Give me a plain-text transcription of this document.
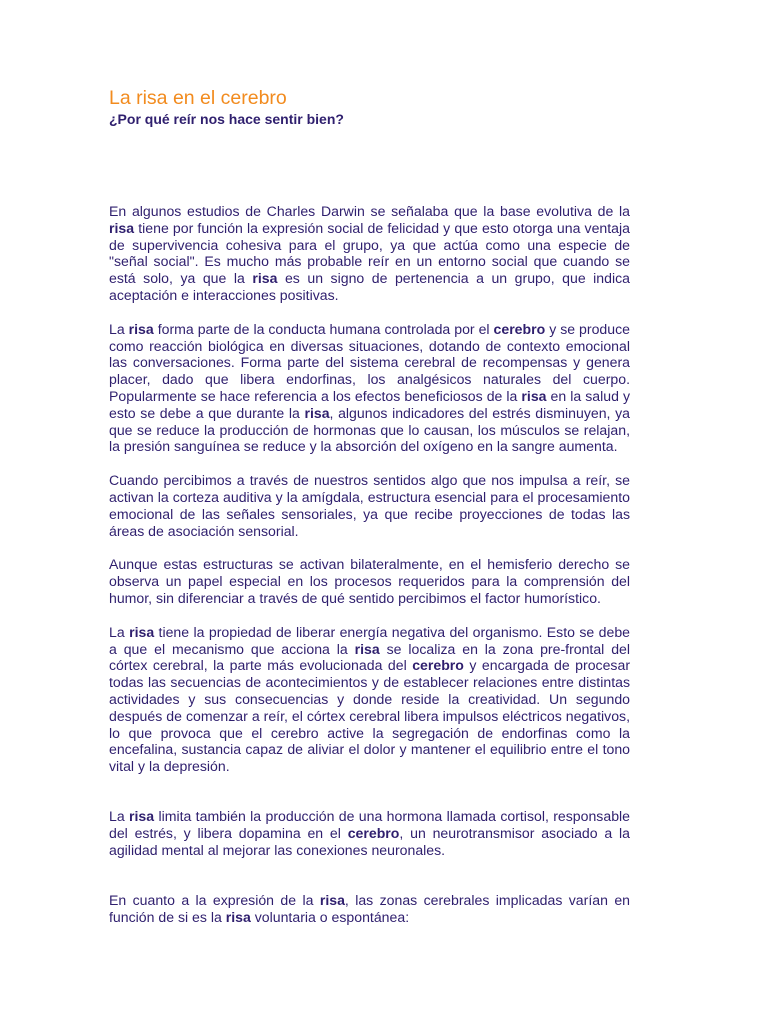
La risa en el cerebro
¿Por qué reír nos hace sentir bien?

En algunos estudios de Charles Darwin se señalaba que la base evolutiva de la risa tiene por función la expresión social de felicidad y que esto otorga una ventaja de supervivencia cohesiva para el grupo, ya que actúa como una especie de "señal social". Es mucho más probable reír en un entorno social que cuando se está solo, ya que la risa es un signo de pertenencia a un grupo, que indica aceptación e interacciones positivas.

La risa forma parte de la conducta humana controlada por el cerebro y se produce como reacción biológica en diversas situaciones, dotando de contexto emocional las conversaciones. Forma parte del sistema cerebral de recompensas y genera placer, dado que libera endorfinas, los analgésicos naturales del cuerpo. Popularmente se hace referencia a los efectos beneficiosos de la risa en la salud y esto se debe a que durante la risa, algunos indicadores del estrés disminuyen, ya que se reduce la producción de hormonas que lo causan, los músculos se relajan, la presión sanguínea se reduce y la absorción del oxígeno en la sangre aumenta.

Cuando percibimos a través de nuestros sentidos algo que nos impulsa a reír, se activan la corteza auditiva y la amígdala, estructura esencial para el procesamiento emocional de las señales sensoriales, ya que recibe proyecciones de todas las áreas de asociación sensorial.

Aunque estas estructuras se activan bilateralmente, en el hemisferio derecho se observa un papel especial en los procesos requeridos para la comprensión del humor, sin diferenciar a través de qué sentido percibimos el factor humorístico.

La risa tiene la propiedad de liberar energía negativa del organismo. Esto se debe a que el mecanismo que acciona la risa se localiza en la zona pre-frontal del córtex cerebral, la parte más evolucionada del cerebro y encargada de procesar todas las secuencias de acontecimientos y de establecer relaciones entre distintas actividades y sus consecuencias y donde reside la creatividad. Un segundo después de comenzar a reír, el córtex cerebral libera impulsos eléctricos negativos, lo que provoca que el cerebro active la segregación de endorfinas como la encefalina, sustancia capaz de aliviar el dolor y mantener el equilibrio entre el tono vital y la depresión.

La risa limita también la producción de una hormona llamada cortisol, responsable del estrés, y libera dopamina en el cerebro, un neurotransmisor asociado a la agilidad mental al mejorar las conexiones neuronales.

En cuanto a la expresión de la risa, las zonas cerebrales implicadas varían en función de si es la risa voluntaria o espontánea:
